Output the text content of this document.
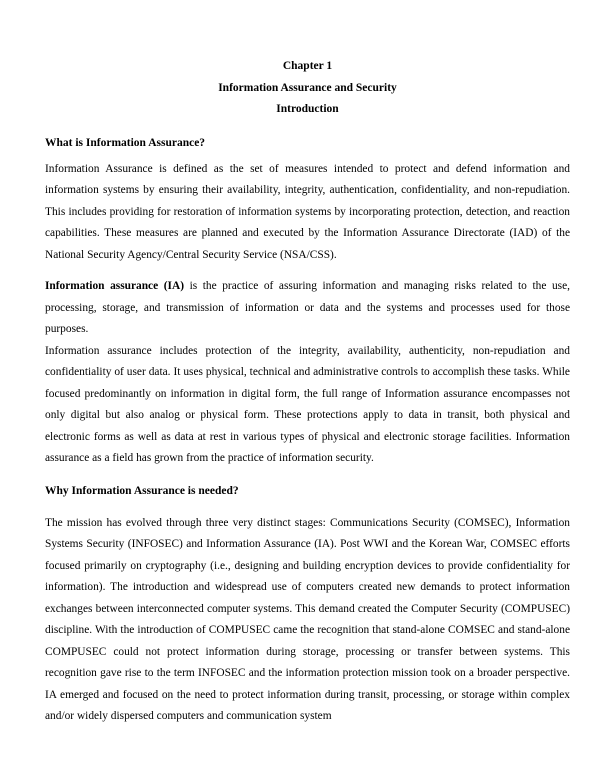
Chapter 1
Information Assurance and Security
Introduction
What is Information Assurance?

Information Assurance is defined as the set of measures intended to protect and defend information and information systems by ensuring their availability, integrity, authentication, confidentiality, and non-repudiation. This includes providing for restoration of information systems by incorporating protection, detection, and reaction capabilities. These measures are planned and executed by the Information Assurance Directorate (IAD) of the National Security Agency/Central Security Service (NSA/CSS).

Information assurance (IA) is the practice of assuring information and managing risks related to the use, processing, storage, and transmission of information or data and the systems and processes used for those purposes.

Information assurance includes protection of the integrity, availability, authenticity, non-repudiation and confidentiality of user data. It uses physical, technical and administrative controls to accomplish these tasks. While focused predominantly on information in digital form, the full range of Information assurance encompasses not only digital but also analog or physical form. These protections apply to data in transit, both physical and electronic forms as well as data at rest in various types of physical and electronic storage facilities. Information assurance as a field has grown from the practice of information security.

Why Information Assurance is needed?

The mission has evolved through three very distinct stages: Communications Security (COMSEC), Information Systems Security (INFOSEC) and Information Assurance (IA). Post WWI and the Korean War, COMSEC efforts focused primarily on cryptography (i.e., designing and building encryption devices to provide confidentiality for information). The introduction and widespread use of computers created new demands to protect information exchanges between interconnected computer systems. This demand created the Computer Security (COMPUSEC) discipline. With the introduction of COMPUSEC came the recognition that stand-alone COMSEC and stand-alone COMPUSEC could not protect information during storage, processing or transfer between systems. This recognition gave rise to the term INFOSEC and the information protection mission took on a broader perspective. IA emerged and focused on the need to protect information during transit, processing, or storage within complex and/or widely dispersed computers and communication system
